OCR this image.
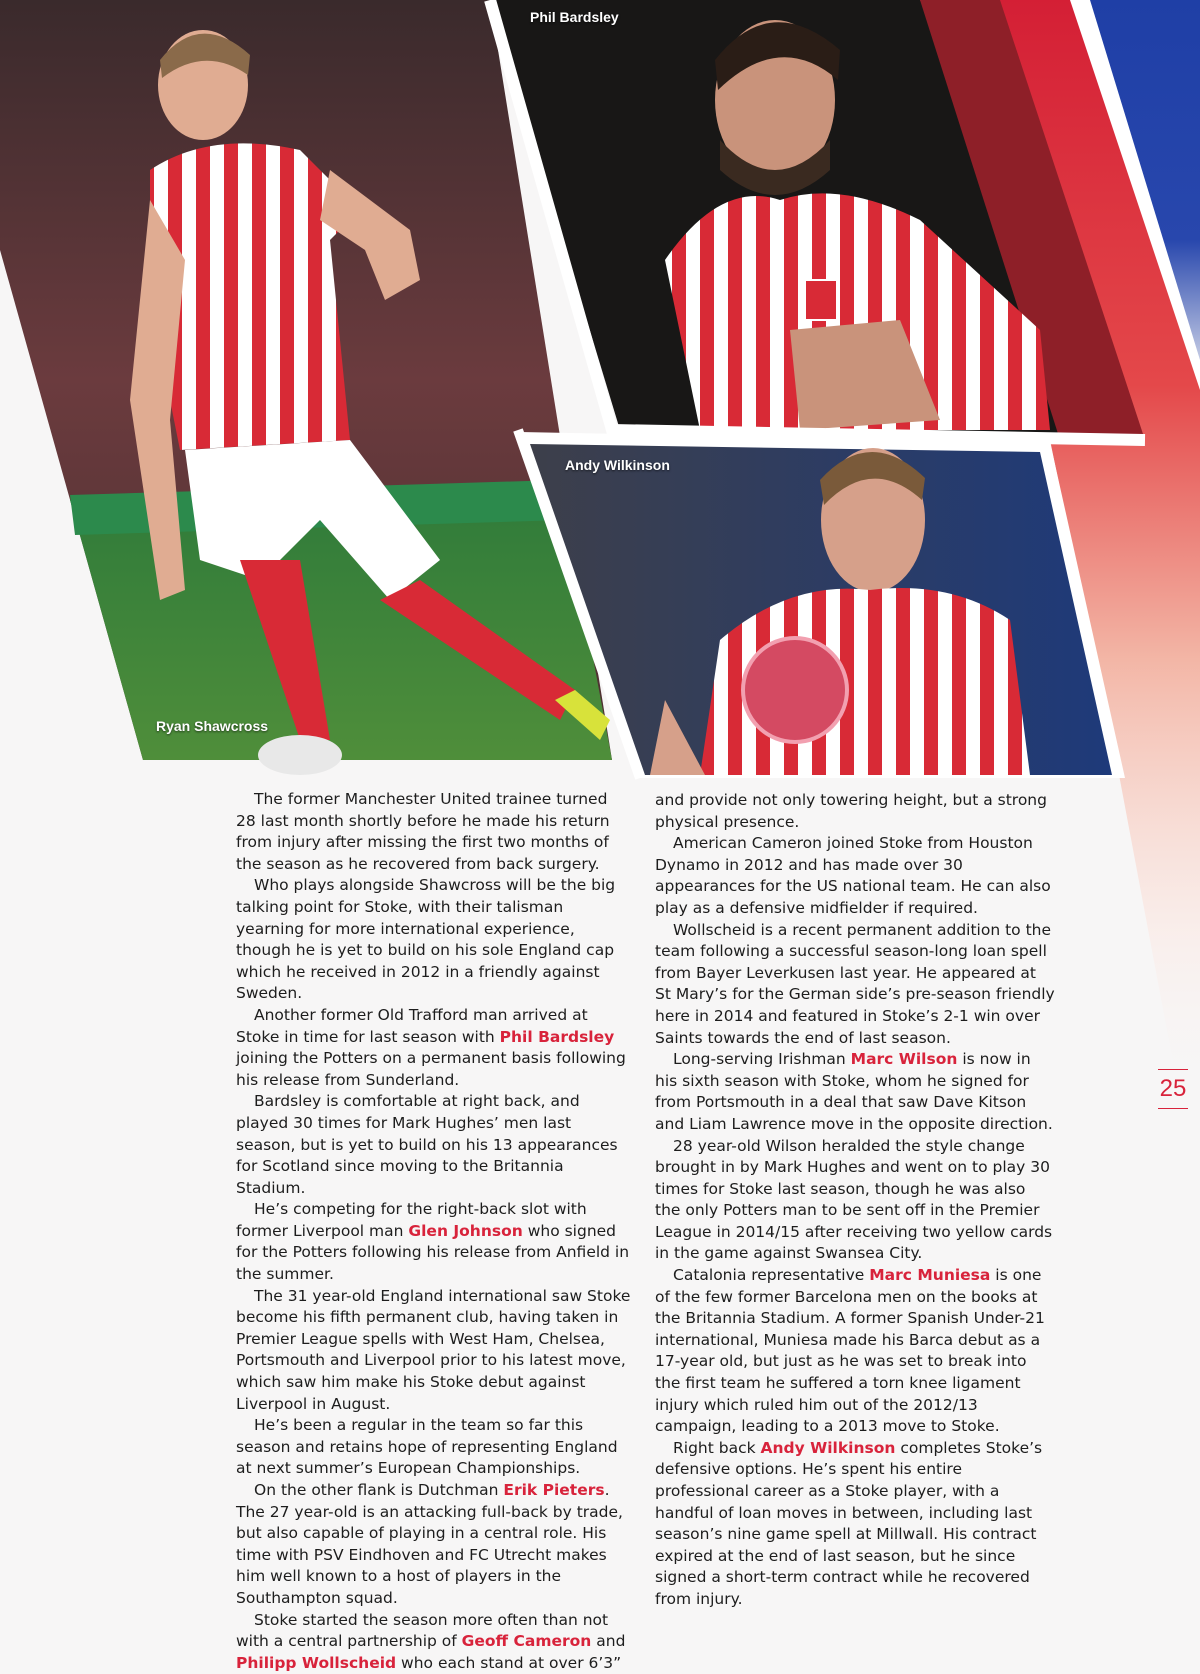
Ryan Shawcross
Phil Bardsley
Andy Wilkinson

The former Manchester United trainee turned 28 last month shortly before he made his return from injury after missing the first two months of the season as he recovered from back surgery.

Who plays alongside Shawcross will be the big talking point for Stoke, with their talisman yearning for more international experience, though he is yet to build on his sole England cap which he received in 2012 in a friendly against Sweden.

Another former Old Trafford man arrived at Stoke in time for last season with Phil Bardsley joining the Potters on a permanent basis following his release from Sunderland.

Bardsley is comfortable at right back, and played 30 times for Mark Hughes’ men last season, but is yet to build on his 13 appearances for Scotland since moving to the Britannia Stadium.

He’s competing for the right-back slot with former Liverpool man Glen Johnson who signed for the Potters following his release from Anfield in the summer.

The 31 year-old England international saw Stoke become his fifth permanent club, having taken in Premier League spells with West Ham, Chelsea, Portsmouth and Liverpool prior to his latest move, which saw him make his Stoke debut against Liverpool in August.

He’s been a regular in the team so far this season and retains hope of representing England at next summer’s European Championships.

On the other flank is Dutchman Erik Pieters. The 27 year-old is an attacking full-back by trade, but also capable of playing in a central role. His time with PSV Eindhoven and FC Utrecht makes him well known to a host of players in the Southampton squad.

Stoke started the season more often than not with a central partnership of Geoff Cameron and Philipp Wollscheid who each stand at over 6’3”

and provide not only towering height, but a strong physical presence.

American Cameron joined Stoke from Houston Dynamo in 2012 and has made over 30 appearances for the US national team. He can also play as a defensive midfielder if required.

Wollscheid is a recent permanent addition to the team following a successful season-long loan spell from Bayer Leverkusen last year. He appeared at St Mary’s for the German side’s pre-season friendly here in 2014 and featured in Stoke’s 2-1 win over Saints towards the end of last season.

Long-serving Irishman Marc Wilson is now in his sixth season with Stoke, whom he signed for from Portsmouth in a deal that saw Dave Kitson and Liam Lawrence move in the opposite direction.

28 year-old Wilson heralded the style change brought in by Mark Hughes and went on to play 30 times for Stoke last season, though he was also the only Potters man to be sent off in the Premier League in 2014/15 after receiving two yellow cards in the game against Swansea City.

Catalonia representative Marc Muniesa is one of the few former Barcelona men on the books at the Britannia Stadium. A former Spanish Under-21 international, Muniesa made his Barca debut as a 17-year old, but just as he was set to break into the first team he suffered a torn knee ligament injury which ruled him out of the 2012/13 campaign, leading to a 2013 move to Stoke.

Right back Andy Wilkinson completes Stoke’s defensive options. He’s spent his entire professional career as a Stoke player, with a handful of loan moves in between, including last season’s nine game spell at Millwall. His contract expired at the end of last season, but he since signed a short-term contract while he recovered from injury.

25
